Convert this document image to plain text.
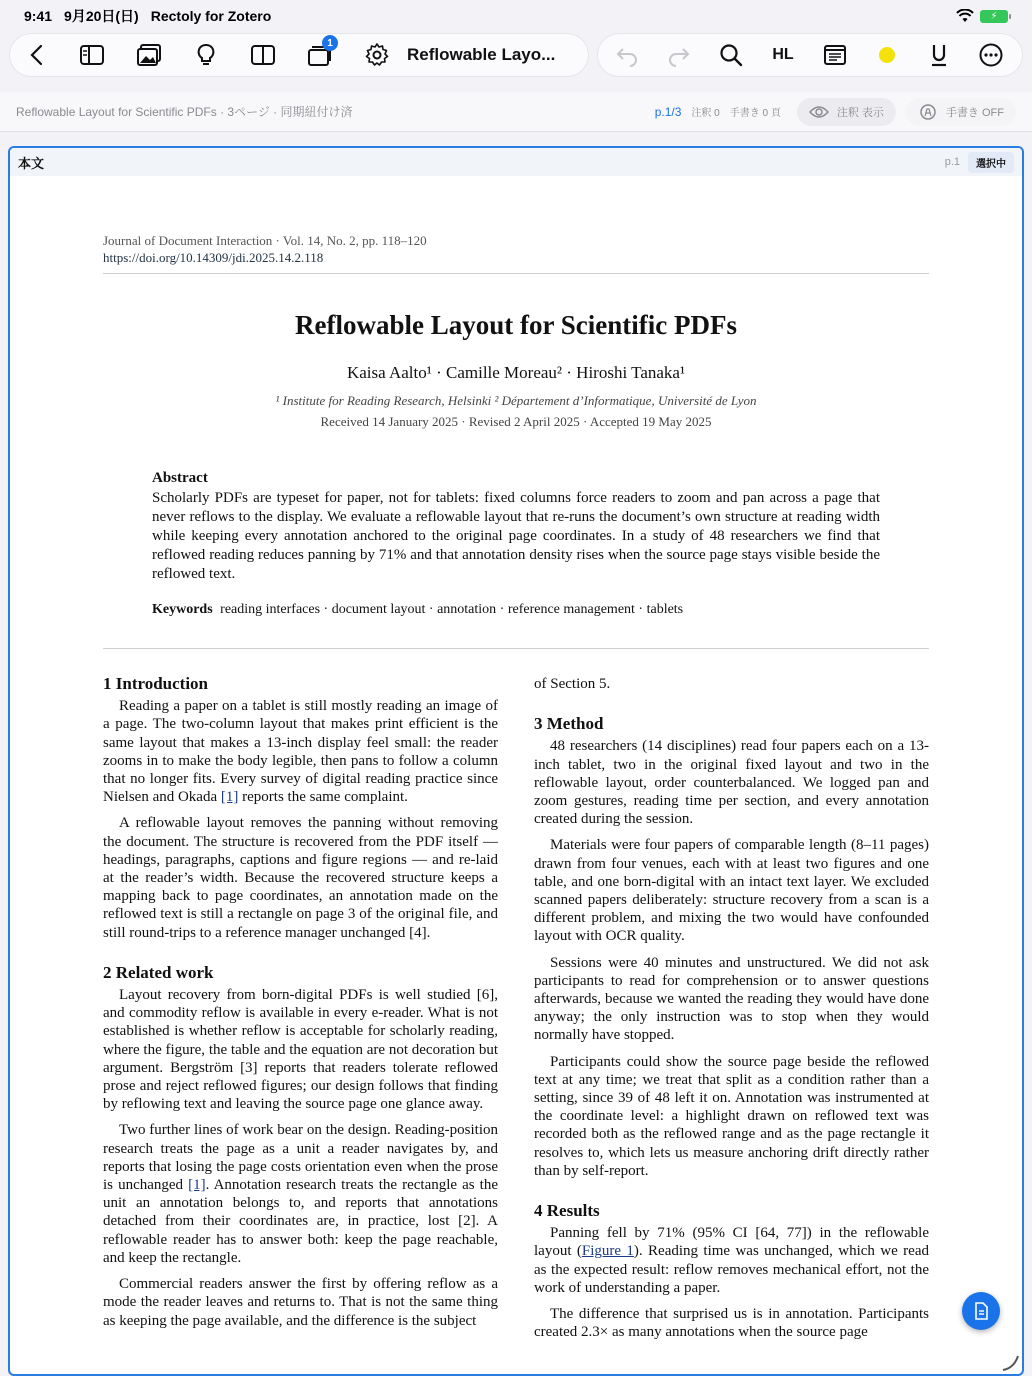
9:41 9月20日(日) Rectoly for Zotero	⚡
1
Reflowable Layo...	HL
Reflowable Layout for Scientific PDFs · 3ページ · 同期紐付け済	p.1/3 注釈 0 手書き 0 頁	注釈 表示	手書き OFF
本文	p.1	選択中
Journal of Document Interaction · Vol. 14, No. 2, pp. 118–120
https://doi.org/10.14309/jdi.2025.14.2.118
Reflowable Layout for Scientific PDFs
Kaisa Aalto¹ · Camille Moreau² · Hiroshi Tanaka¹
¹ Institute for Reading Research, Helsinki ² Département d’Informatique, Université de Lyon
Received 14 January 2025 · Revised 2 April 2025 · Accepted 19 May 2025
Abstract
Scholarly PDFs are typeset for paper, not for tablets: fixed columns force readers to zoom and pan across a page that never reflows to the display. We evaluate a reflowable layout that re-runs the document’s own structure at reading width while keeping every annotation anchored to the original page coordinates. In a study of 48 researchers we find that reflowed reading reduces panning by 71% and that annotation density rises when the source page stays visible beside the reflowed text.
Keywords reading interfaces · document layout · annotation · reference management · tablets
1 Introduction

Reading a paper on a tablet is still mostly reading an image of a page. The two-column layout that makes print efficient is the same layout that makes a 13-inch display feel small: the reader zooms in to make the body legible, then pans to follow a column that no longer fits. Every survey of digital reading practice since Nielsen and Okada [1] reports the same complaint.

A reflowable layout removes the panning without removing the document. The structure is recovered from the PDF itself — headings, paragraphs, captions and figure regions — and re-laid at the reader’s width. Because the recovered structure keeps a mapping back to page coordinates, an annotation made on the reflowed text is still a rectangle on page 3 of the original file, and still round-trips to a reference manager unchanged [4].

2 Related work

Layout recovery from born-digital PDFs is well studied [6], and commodity reflow is available in every e-reader. What is not established is whether reflow is acceptable for scholarly reading, where the figure, the table and the equation are not decoration but argument. Bergström [3] reports that readers tolerate reflowed prose and reject reflowed figures; our design follows that finding by reflowing text and leaving the source page one glance away.

Two further lines of work bear on the design. Reading-position research treats the page as a unit a reader navigates by, and reports that losing the page costs orientation even when the prose is unchanged [1]. Annotation research treats the rectangle as the unit an annotation belongs to, and reports that annotations detached from their coordinates are, in practice, lost [2]. A reflowable reader has to answer both: keep the page reachable, and keep the rectangle.

Commercial readers answer the first by offering reflow as a mode the reader leaves and returns to. That is not the same thing as keeping the page available, and the difference is the subject

of Section 5.

3 Method

48 researchers (14 disciplines) read four papers each on a 13-inch tablet, two in the original fixed layout and two in the reflowable layout, order counterbalanced. We logged pan and zoom gestures, reading time per section, and every annotation created during the session.

Materials were four papers of comparable length (8–11 pages) drawn from four venues, each with at least two figures and one table, and one born-digital with an intact text layer. We excluded scanned papers deliberately: structure recovery from a scan is a different problem, and mixing the two would have confounded layout with OCR quality.

Sessions were 40 minutes and unstructured. We did not ask participants to read for comprehension or to answer questions afterwards, because we wanted the reading they would have done anyway; the only instruction was to stop when they would normally have stopped.

Participants could show the source page beside the reflowed text at any time; we treat that split as a condition rather than a setting, since 39 of 48 left it on. Annotation was instrumented at the coordinate level: a highlight drawn on reflowed text was recorded both as the reflowed range and as the page rectangle it resolves to, which lets us measure anchoring drift directly rather than by self-report.

4 Results

Panning fell by 71% (95% CI [64, 77]) in the reflowable layout (Figure 1). Reading time was unchanged, which we read as the expected result: reflow removes mechanical effort, not the work of understanding a paper.

The difference that surprised us is in annotation. Participants created 2.3× as many annotations when the source page
